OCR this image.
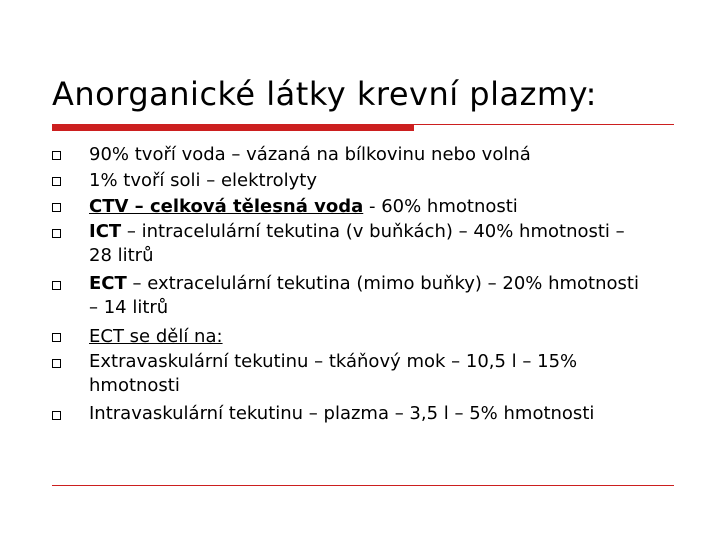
Anorganické látky krevní plazmy:
90% tvoří voda – vázaná na bílkovinu nebo volná
1% tvoří soli – elektrolyty
CTV – celková tělesná voda - 60% hmotnosti
ICT – intracelulární tekutina (v buňkách) – 40% hmotnosti – 28 litrů
ECT – extracelulární tekutina (mimo buňky) – 20% hmotnosti – 14 litrů
ECT se dělí na:
Extravaskulární tekutinu – tkáňový mok – 10,5 l – 15% hmotnosti
Intravaskulární tekutinu – plazma – 3,5 l – 5% hmotnosti
